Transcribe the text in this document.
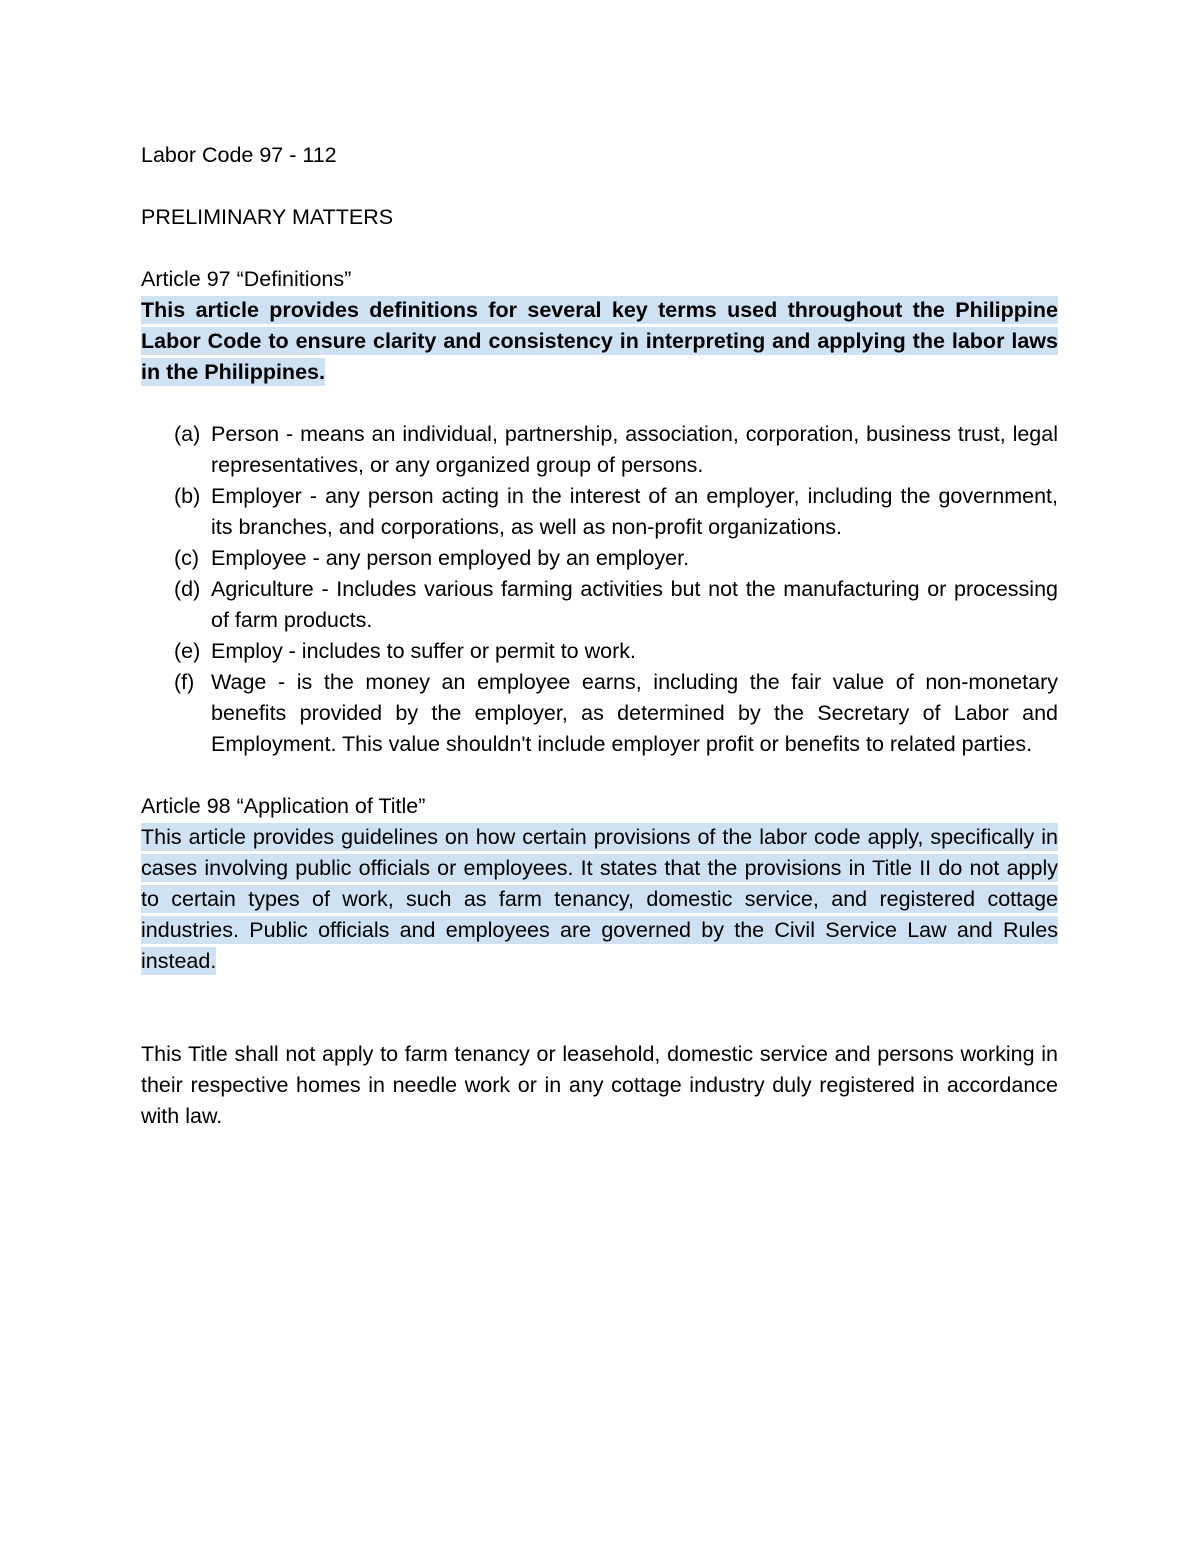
Labor Code 97 - 112

PRELIMINARY MATTERS

Article 97 “Definitions”

This article provides definitions for several key terms used throughout the Philippine Labor Code to ensure clarity and consistency in interpreting and applying the labor laws in the Philippines.

(a) Person - means an individual, partnership, association, corporation, business trust, legal representatives, or any organized group of persons.
(b) Employer - any person acting in the interest of an employer, including the government, its branches, and corporations, as well as non-profit organizations.
(c) Employee - any person employed by an employer.
(d) Agriculture - Includes various farming activities but not the manufacturing or processing of farm products.
(e) Employ - includes to suffer or permit to work.
(f) Wage - is the money an employee earns, including the fair value of non-monetary benefits provided by the employer, as determined by the Secretary of Labor and Employment. This value shouldn't include employer profit or benefits to related parties.

Article 98 “Application of Title”

This article provides guidelines on how certain provisions of the labor code apply, specifically in cases involving public officials or employees. It states that the provisions in Title II do not apply to certain types of work, such as farm tenancy, domestic service, and registered cottage industries. Public officials and employees are governed by the Civil Service Law and Rules instead.

This Title shall not apply to farm tenancy or leasehold, domestic service and persons working in their respective homes in needle work or in any cottage industry duly registered in accordance with law.
